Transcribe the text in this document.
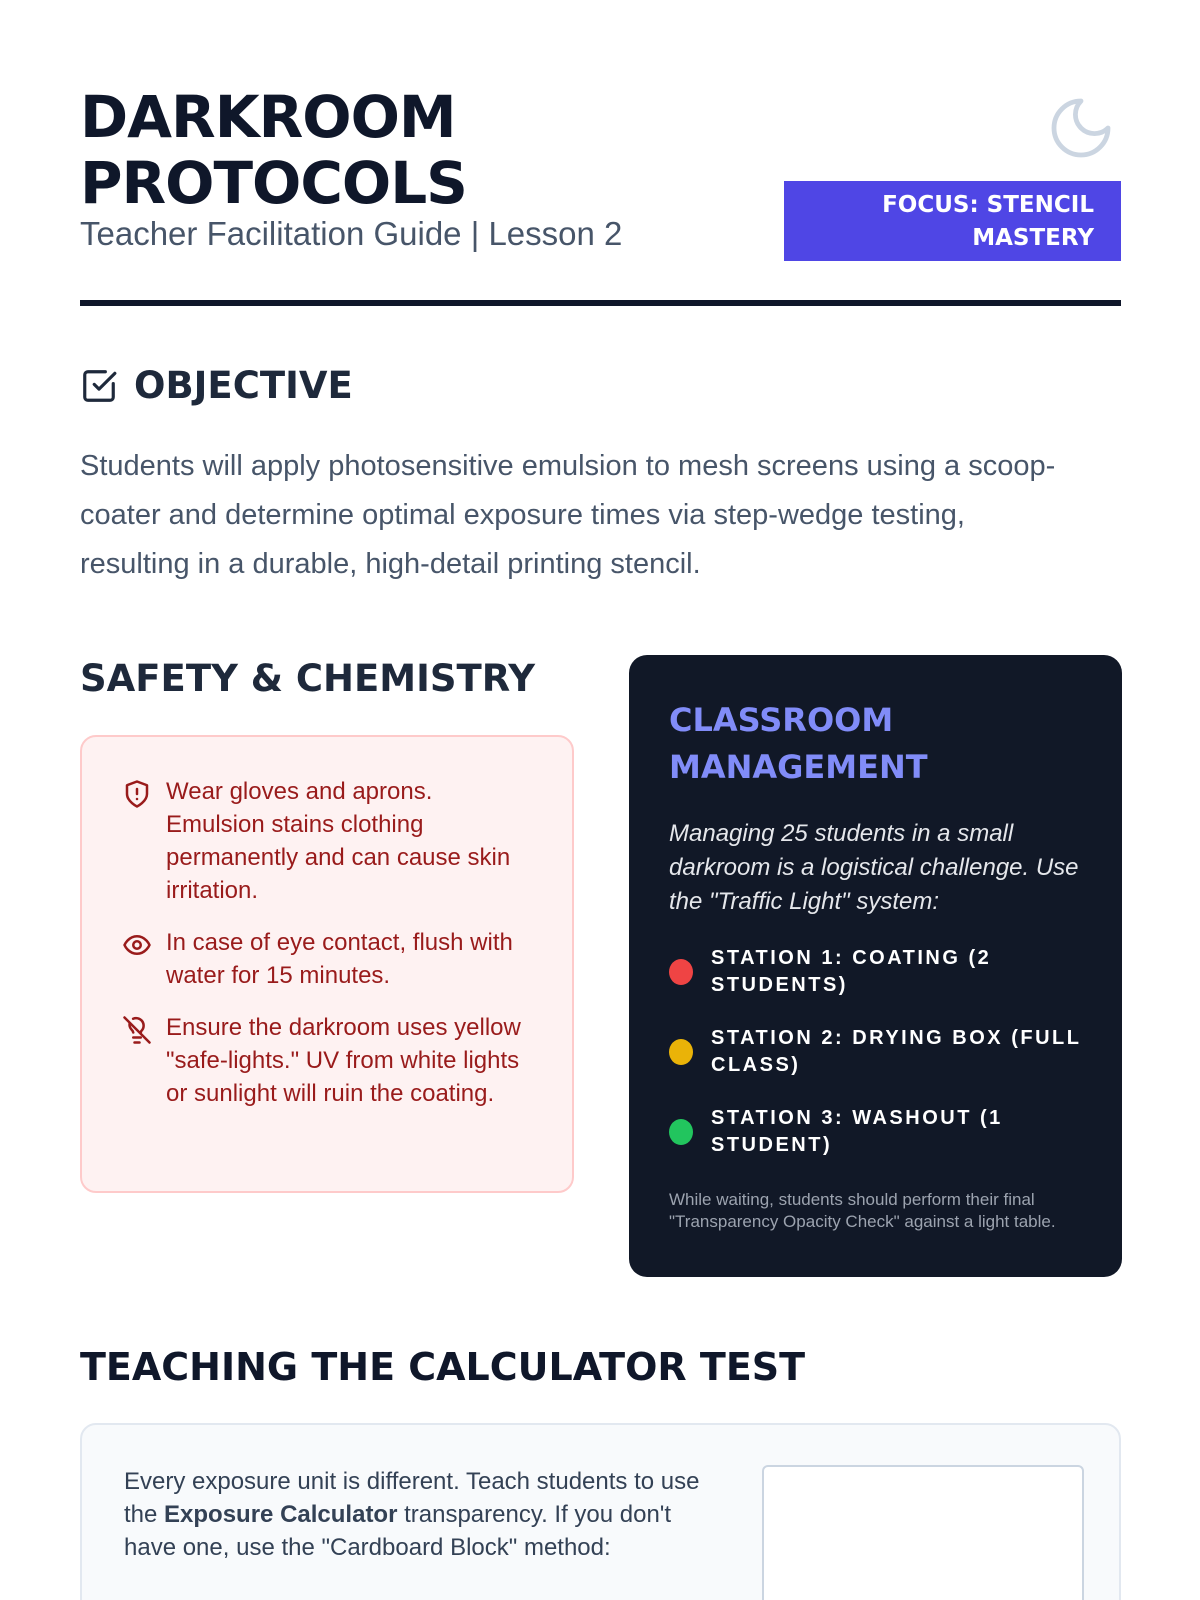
DARKROOM
PROTOCOLS
Teacher Facilitation Guide | Lesson 2
FOCUS: STENCIL
MASTERY
OBJECTIVE

Students will apply photosensitive emulsion to mesh screens using a scoop-coater and determine optimal exposure times via step-wedge testing, resulting in a durable, high-detail printing stencil.

SAFETY & CHEMISTRY
Wear gloves and aprons. Emulsion stains clothing permanently and can cause skin irritation.
In case of eye contact, flush with water for 15 minutes.
Ensure the darkroom uses yellow "safe-lights." UV from white lights or sunlight will ruin the coating.
CLASSROOM MANAGEMENT

Managing 25 students in a small darkroom is a logistical challenge. Use the "Traffic Light" system:

STATION 1: COATING (2 STUDENTS)
STATION 2: DRYING BOX (FULL CLASS)
STATION 3: WASHOUT (1 STUDENT)

While waiting, students should perform their final "Transparency Opacity Check" against a light table.

TEACHING THE CALCULATOR TEST

Every exposure unit is different. Teach students to use the Exposure Calculator transparency. If you don't have one, use the "Cardboard Block" method:
